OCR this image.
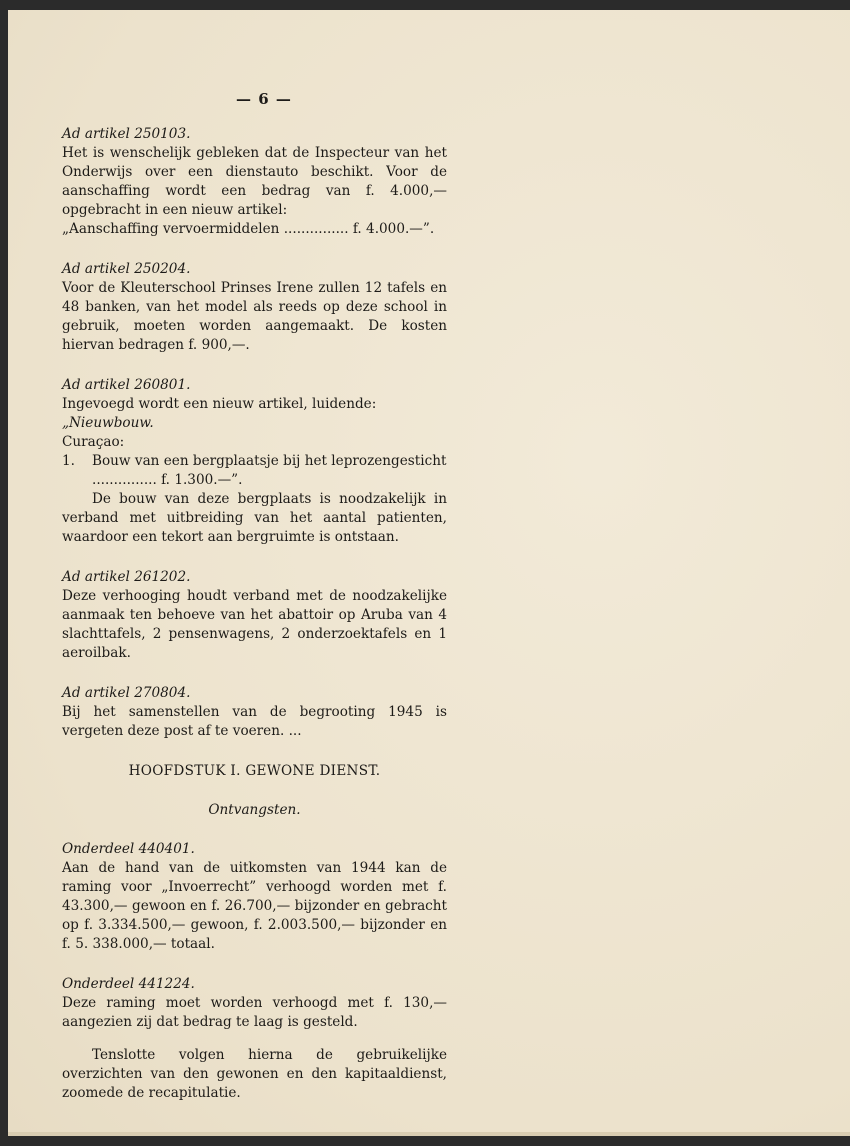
— 6 —

Ad artikel 250103.

Het is wenschelijk gebleken dat de Inspecteur van het Onderwijs over een dienstauto beschikt. Voor de aanschaffing wordt een bedrag van f. 4.000,— opgebracht in een nieuw artikel:

„Aanschaffing vervoermiddelen ............... f. 4.000.—”.

Ad artikel 250204.

Voor de Kleuterschool Prinses Irene zullen 12 tafels en 48 banken, van het model als reeds op deze school in gebruik, moeten worden aangemaakt. De kosten hiervan bedragen f. 900,—.

Ad artikel 260801.

Ingevoegd wordt een nieuw artikel, luidende:

„Nieuwbouw.

Curaçao:

1.	Bouw van een bergplaatsje bij het leprozengesticht ............... f. 1.300.—”.

De bouw van deze bergplaats is noodzakelijk in verband met uitbreiding van het aantal patienten, waardoor een tekort aan bergruimte is ontstaan.

Ad artikel 261202.

Deze verhooging houdt verband met de noodzakelijke aanmaak ten behoeve van het abattoir op Aruba van 4 slachttafels, 2 pensenwagens, 2 onderzoektafels en 1 aeroilbak.

Ad artikel 270804.

Bij het samenstellen van de begrooting 1945 is vergeten deze post af te voeren. ...

HOOFDSTUK I. GEWONE DIENST.

Ontvangsten.

Onderdeel 440401.

Aan de hand van de uitkomsten van 1944 kan de raming voor „Invoerrecht” verhoogd worden met f. 43.300,— gewoon en f. 26.700,— bijzonder en gebracht op f. 3.334.500,— gewoon, f. 2.003.500,— bijzonder en f. 5. 338.000,— totaal.

Onderdeel 441224.

Deze raming moet worden verhoogd met f. 130,— aangezien zij dat bedrag te laag is gesteld.

Tenslotte volgen hierna de gebruikelijke overzichten van den gewonen en den kapitaaldienst, zoomede de recapitulatie.
